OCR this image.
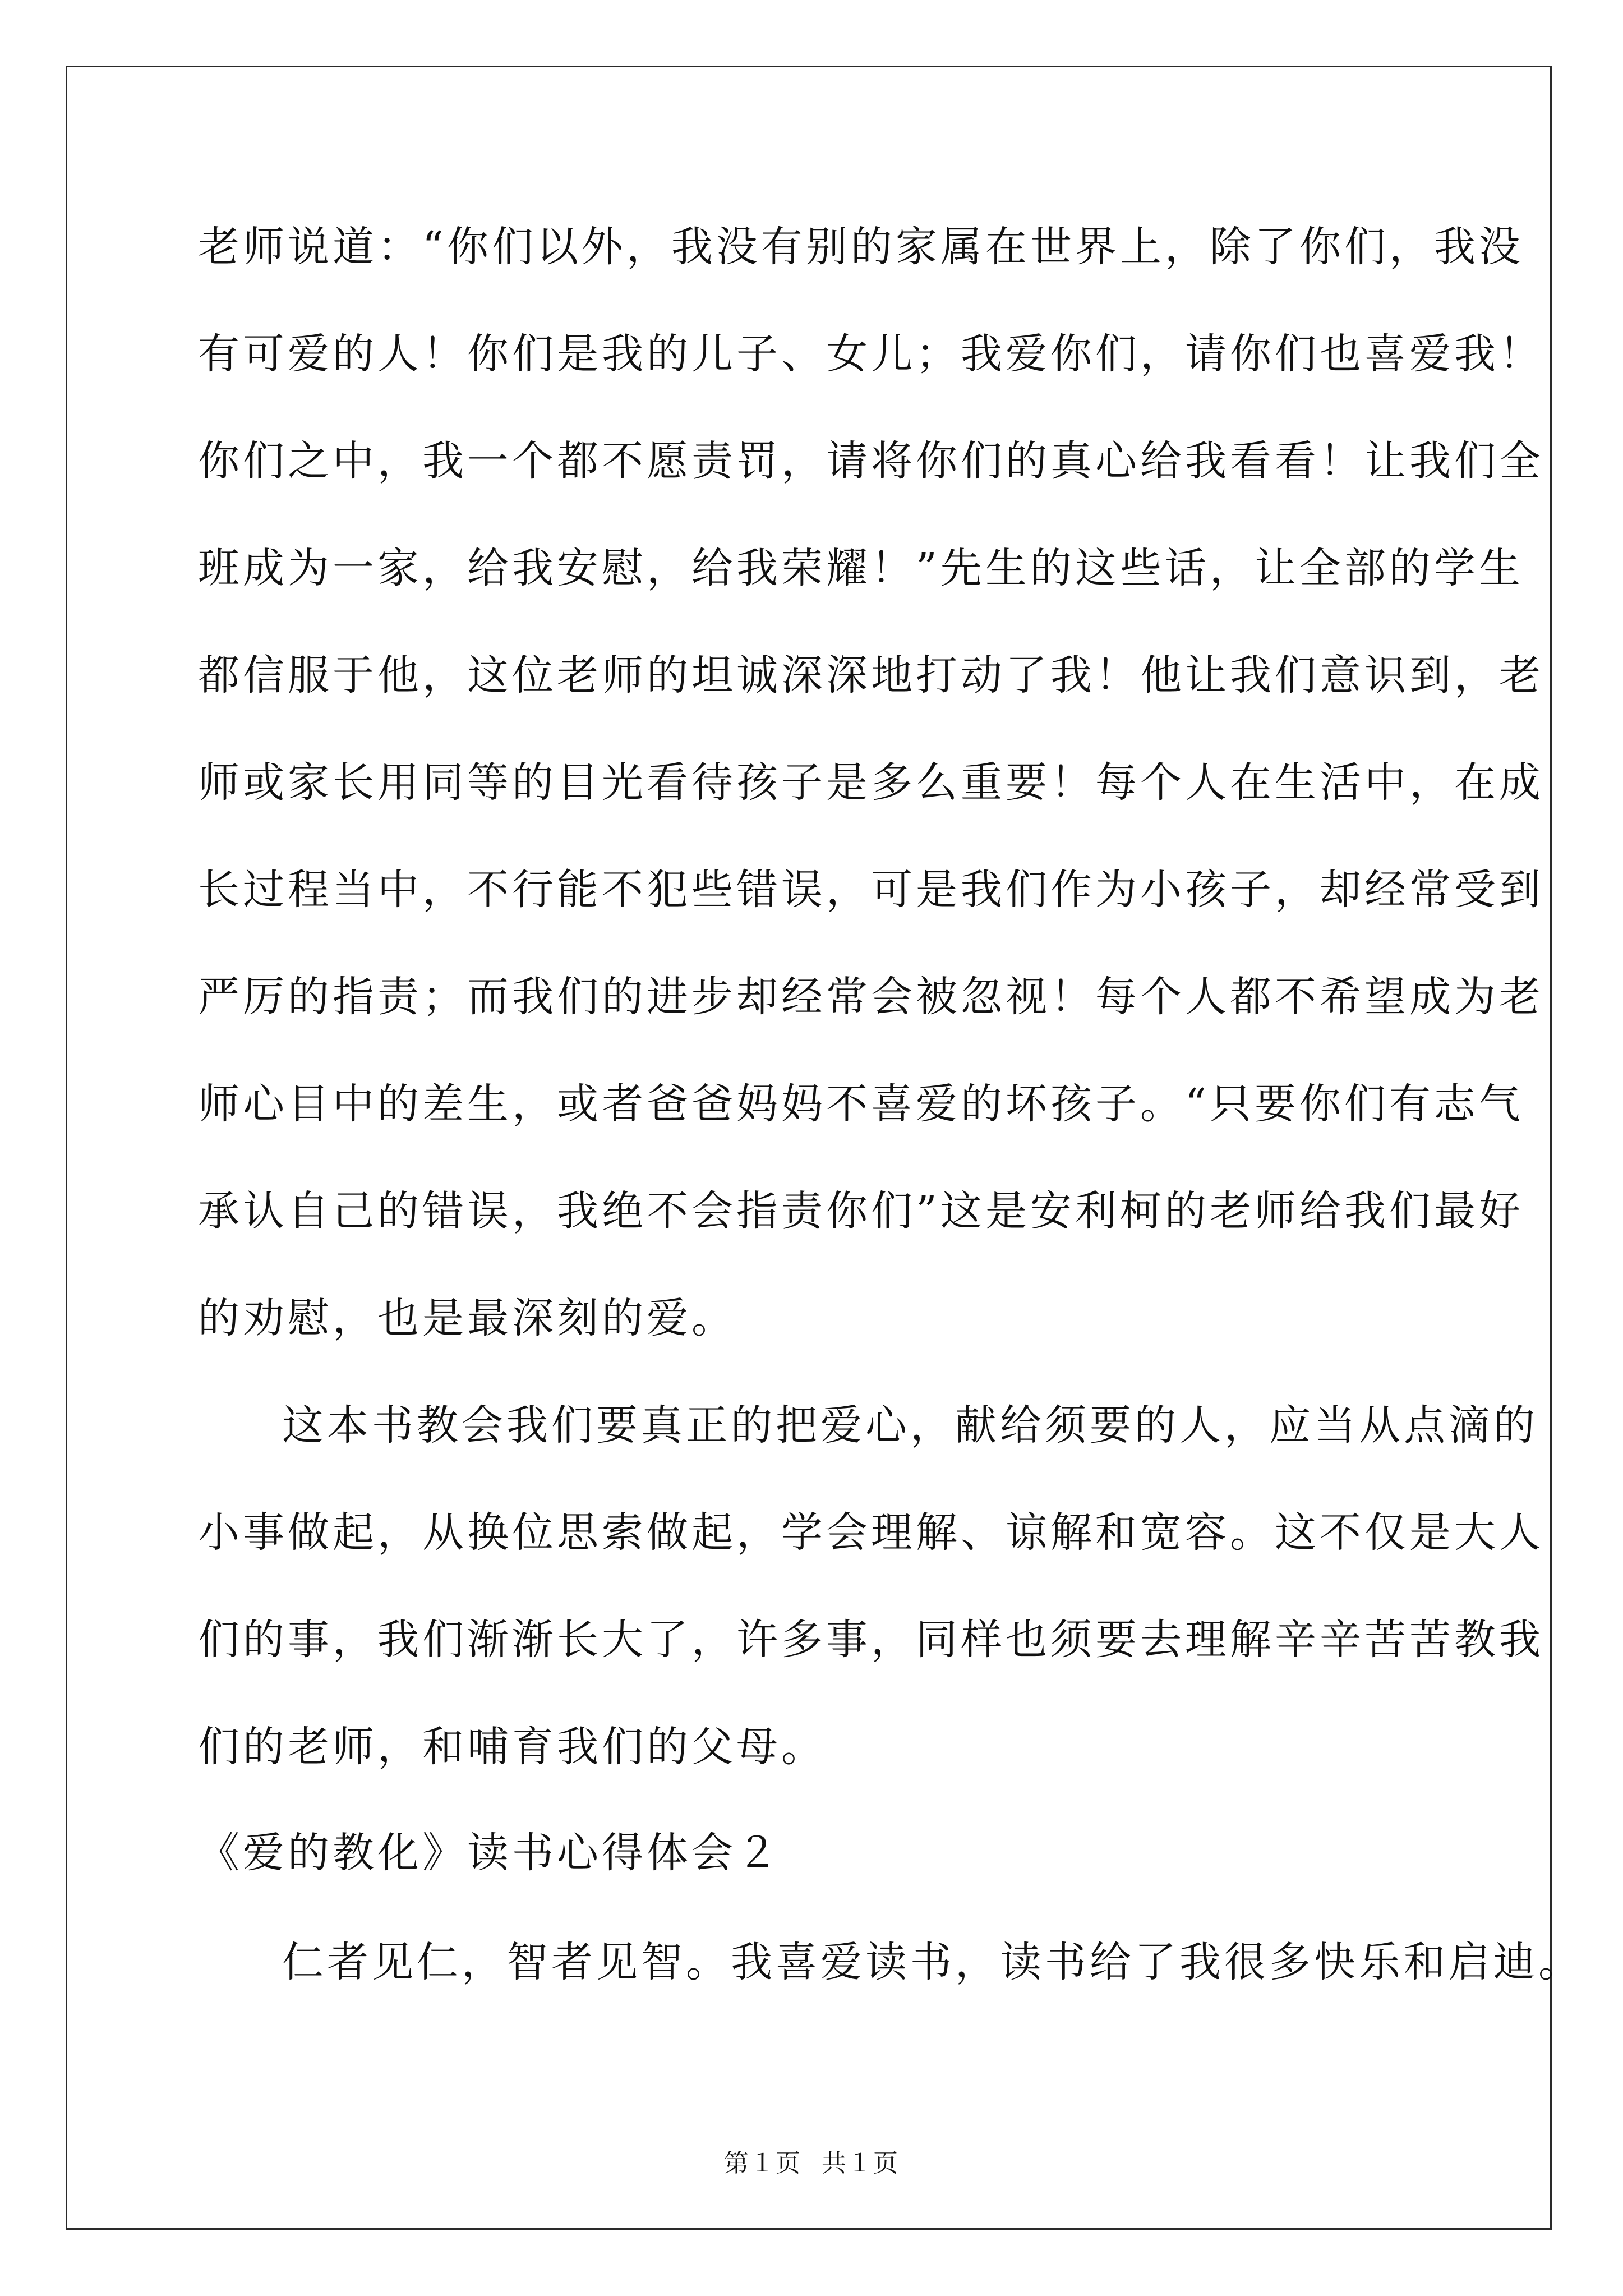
老师说道：“你们以外，我没有别的家属在世界上，除了你们，我没
有可爱的人！你们是我的儿子、女儿；我爱你们，请你们也喜爱我！
你们之中，我一个都不愿责罚，请将你们的真心给我看看！让我们全
班成为一家，给我安慰，给我荣耀！”先生的这些话，让全部的学生
都信服于他，这位老师的坦诚深深地打动了我！他让我们意识到，老
师或家长用同等的目光看待孩子是多么重要！每个人在生活中，在成
长过程当中，不行能不犯些错误，可是我们作为小孩子，却经常受到
严厉的指责；而我们的进步却经常会被忽视！每个人都不希望成为老
师心目中的差生，或者爸爸妈妈不喜爱的坏孩子。“只要你们有志气
承认自己的错误，我绝不会指责你们”这是安利柯的老师给我们最好
的劝慰，也是最深刻的爱。
这本书教会我们要真正的把爱心，献给须要的人，应当从点滴的
小事做起，从换位思索做起，学会理解、谅解和宽容。这不仅是大人
们的事，我们渐渐长大了，许多事，同样也须要去理解辛辛苦苦教我
们的老师，和哺育我们的父母。
《爱的教化》读书心得体会２
仁者见仁，智者见智。我喜爱读书，读书给了我很多快乐和启迪。
第１页 共１页
